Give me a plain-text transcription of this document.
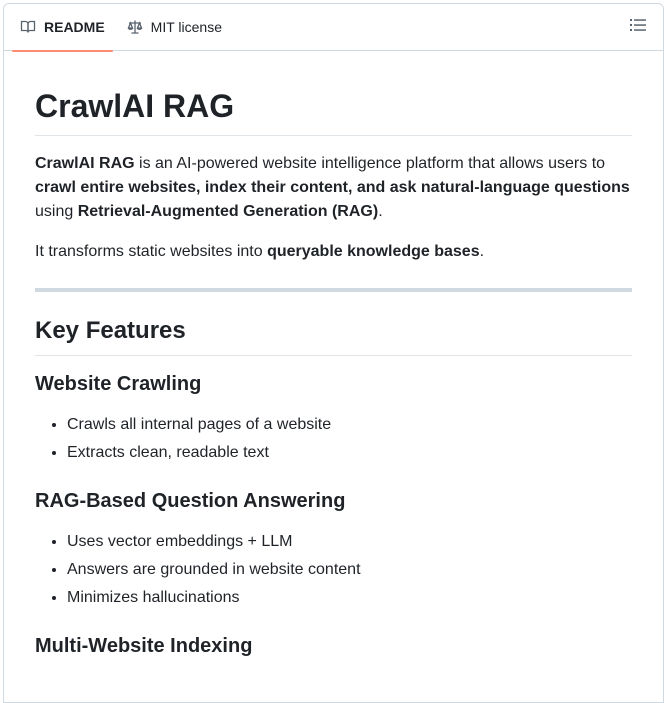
README	MIT license
CrawlAI RAG

CrawlAI RAG is an AI-powered website intelligence platform that allows users to crawl entire websites, index their content, and ask natural-language questions using Retrieval-Augmented Generation (RAG).

It transforms static websites into queryable knowledge bases.

Key Features
Website Crawling
• Crawls all internal pages of a website
• Extracts clean, readable text
RAG-Based Question Answering
• Uses vector embeddings + LLM
• Answers are grounded in website content
• Minimizes hallucinations
Multi-Website Indexing
